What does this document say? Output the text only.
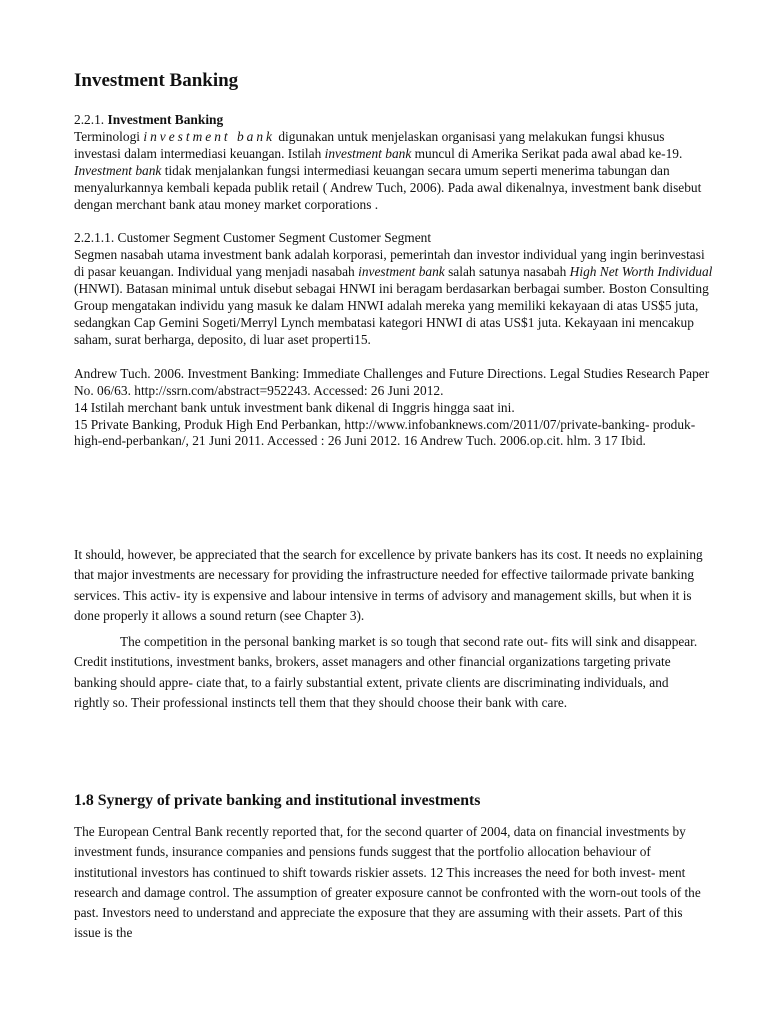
Investment Banking

2.2.1. Investment Banking

Terminologi investment bank digunakan untuk menjelaskan organisasi yang melakukan fungsi khusus investasi dalam intermediasi keuangan. Istilah investment bank muncul di Amerika Serikat pada awal abad ke-19. Investment bank tidak menjalankan fungsi intermediasi keuangan secara umum seperti menerima tabungan dan menyalurkannya kembali kepada publik retail ( Andrew Tuch, 2006). Pada awal dikenalnya, investment bank disebut dengan merchant bank atau money market corporations .

2.2.1.1. Customer Segment Customer Segment Customer Segment

Segmen nasabah utama investment bank adalah korporasi, pemerintah dan investor individual yang ingin berinvestasi di pasar keuangan. Individual yang menjadi nasabah investment bank salah satunya nasabah High Net Worth Individual (HNWI). Batasan minimal untuk disebut sebagai HNWI ini beragam berdasarkan berbagai sumber. Boston Consulting Group mengatakan individu yang masuk ke dalam HNWI adalah mereka yang memiliki kekayaan di atas US$5 juta, sedangkan Cap Gemini Sogeti/Merryl Lynch membatasi kategori HNWI di atas US$1 juta. Kekayaan ini mencakup saham, surat berharga, deposito, di luar aset properti15.

Andrew Tuch. 2006. Investment Banking: Immediate Challenges and Future Directions. Legal Studies Research Paper No. 06/63. http://ssrn.com/abstract=952243. Accessed: 26 Juni 2012.

14 Istilah merchant bank untuk investment bank dikenal di Inggris hingga saat ini.

15 Private Banking, Produk High End Perbankan, http://www.infobanknews.com/2011/07/private-banking- produk-high-end-perbankan/, 21 Juni 2011. Accessed : 26 Juni 2012. 16 Andrew Tuch. 2006.op.cit. hlm. 3 17 Ibid.

It should, however, be appreciated that the search for excellence by private bankers has its cost. It needs no explaining that major investments are necessary for providing the infrastructure needed for effective tailormade private banking services. This activ- ity is expensive and labour intensive in terms of advisory and management skills, but when it is done properly it allows a sound return (see Chapter 3).

The competition in the personal banking market is so tough that second rate out- fits will sink and disappear. Credit institutions, investment banks, brokers, asset managers and other financial organizations targeting private banking should appre- ciate that, to a fairly substantial extent, private clients are discriminating individuals, and rightly so. Their professional instincts tell them that they should choose their bank with care.

1.8 Synergy of private banking and institutional investments

The European Central Bank recently reported that, for the second quarter of 2004, data on financial investments by investment funds, insurance companies and pensions funds suggest that the portfolio allocation behaviour of institutional investors has continued to shift towards riskier assets. 12 This increases the need for both invest- ment research and damage control. The assumption of greater exposure cannot be confronted with the worn-out tools of the past. Investors need to understand and appreciate the exposure that they are assuming with their assets. Part of this issue is the
